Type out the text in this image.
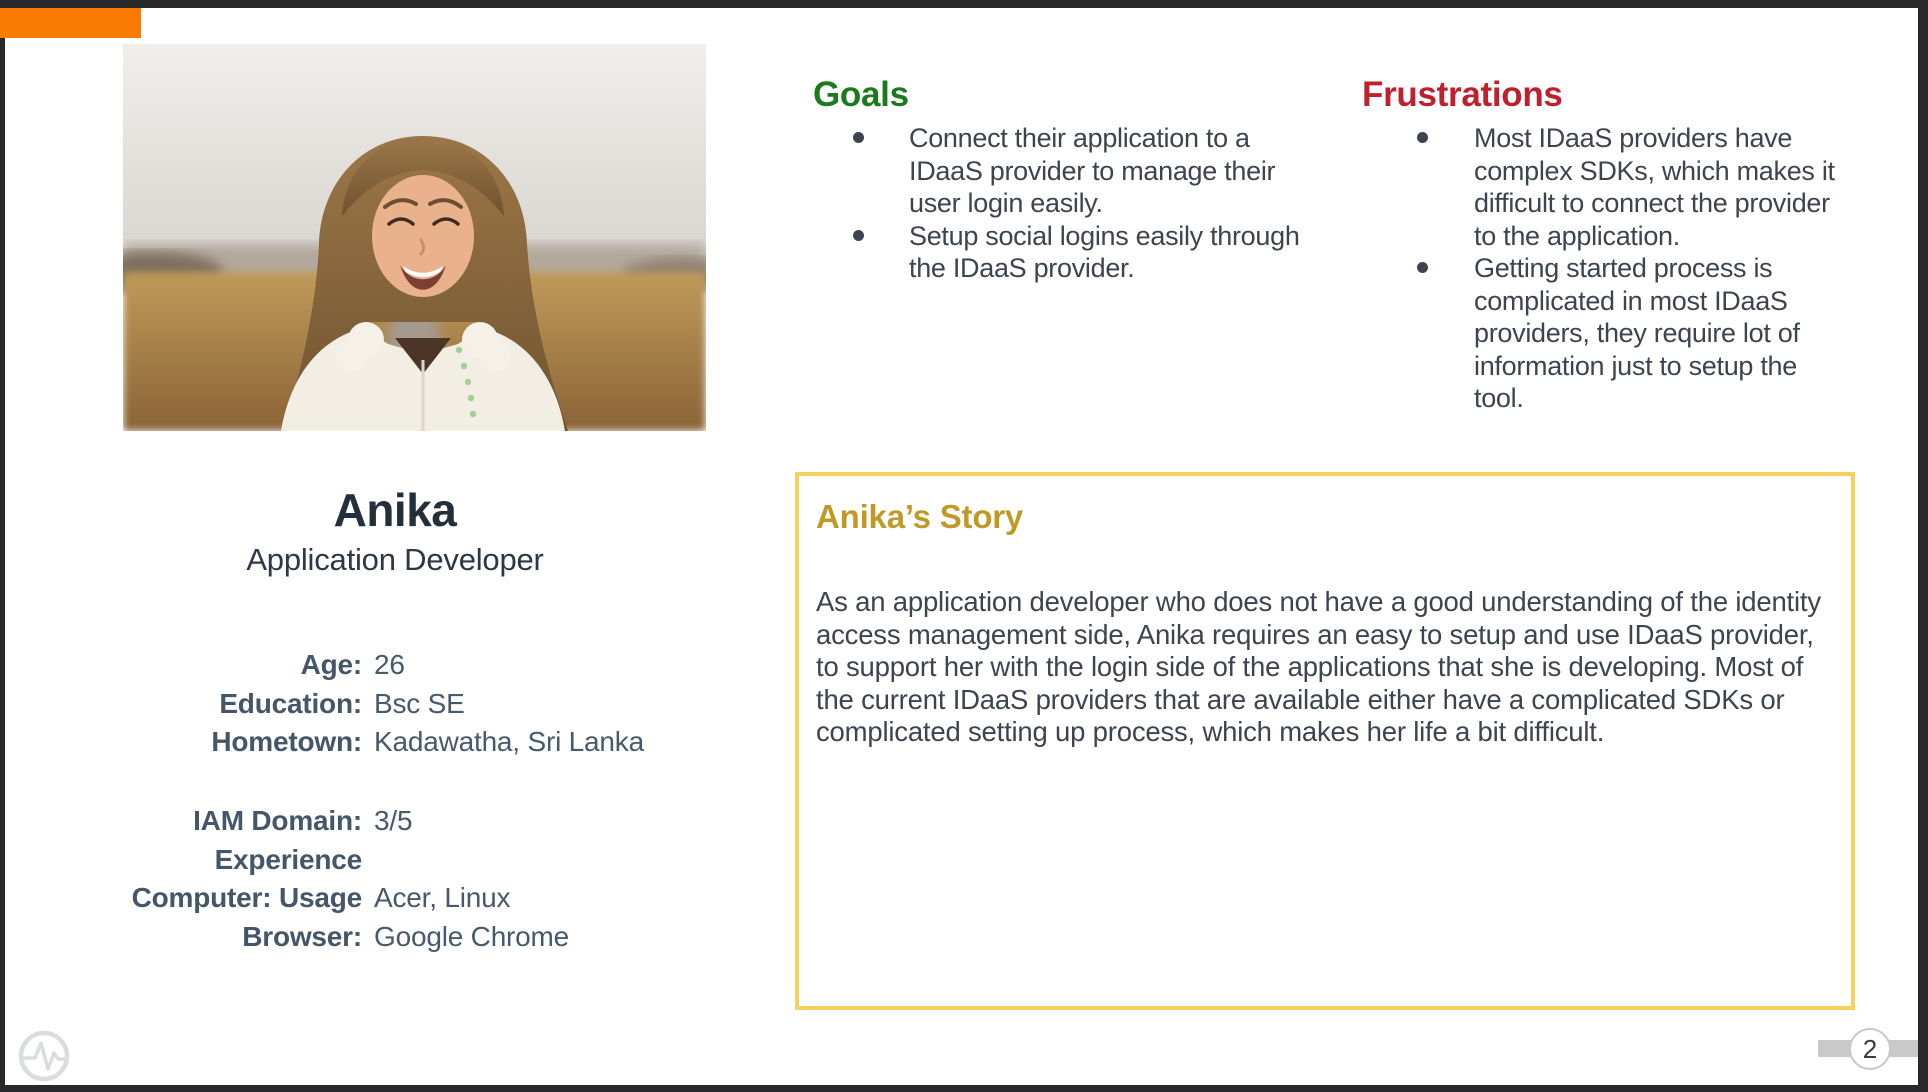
Anika
Application Developer
Age: 26
Education: Bsc SE
Hometown: Kadawatha, Sri Lanka
IAM Domain: 3/5
Experience
Computer: Usage Acer, Linux
Browser: Google Chrome
Goals
Connect their application to a IDaaS provider to manage their user login easily.
Setup social logins easily through the IDaaS provider.
Frustrations
Most IDaaS providers have complex SDKs, which makes it difficult to connect the provider to the application.
Getting started process is complicated in most IDaaS providers, they require lot of information just to setup the tool.
Anika’s Story

As an application developer who does not have a good understanding of the identity access management side, Anika requires an easy to setup and use IDaaS provider, to support her with the login side of the applications that she is developing. Most of the current IDaaS providers that are available either have a complicated SDKs or complicated setting up process, which makes her life a bit difficult.

2
